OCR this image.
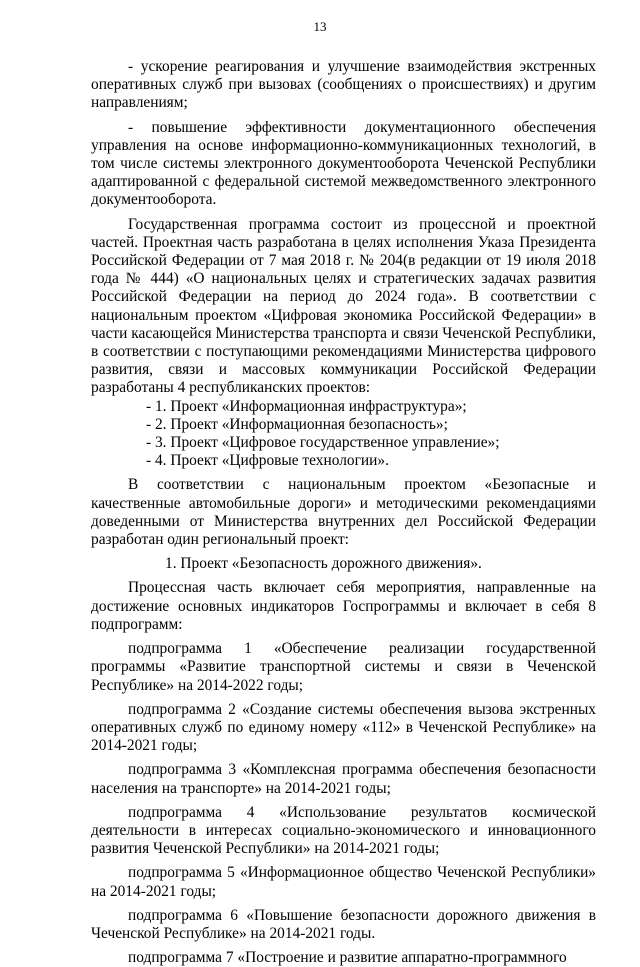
13

- ускорение реагирования и улучшение взаимодействия экстренных оперативных служб при вызовах (сообщениях о происшествиях) и другим направлениям;

- повышение эффективности документационного обеспечения управления на основе информационно-коммуникационных технологий, в том числе системы электронного документооборота Чеченской Республики адаптированной с федеральной системой межведомственного электронного документооборота.

Государственная программа состоит из процессной и проектной частей. Проектная часть разработана в целях исполнения Указа Президента Российской Федерации от 7 мая 2018 г. № 204(в редакции от 19 июля 2018 года № 444) «О национальных целях и стратегических задачах развития Российской Федерации на период до 2024 года». В соответствии с национальным проектом «Цифровая экономика Российской Федерации» в части касающейся Министерства транспорта и связи Чеченской Республики, в соответствии с поступающими рекомендациями Министерства цифрового развития, связи и массовых коммуникации Российской Федерации разработаны 4 республиканских проектов:

- 1. Проект «Информационная инфраструктура»;

- 2. Проект «Информационная безопасность»;

- 3. Проект «Цифровое государственное управление»;

- 4. Проект «Цифровые технологии».

В соответствии с национальным проектом «Безопасные и качественные автомобильные дороги» и методическими рекомендациями доведенными от Министерства внутренних дел Российской Федерации разработан один региональный проект:

1. Проект «Безопасность дорожного движения».

Процессная часть включает себя мероприятия, направленные на достижение основных индикаторов Госпрограммы и включает в себя 8 подпрограмм:

подпрограмма 1 «Обеспечение реализации государственной программы «Развитие транспортной системы и связи в Чеченской Республике» на 2014-2022 годы;

подпрограмма 2 «Создание системы обеспечения вызова экстренных оперативных служб по единому номеру «112» в Чеченской Республике» на 2014-2021 годы;

подпрограмма 3 «Комплексная программа обеспечения безопасности населения на транспорте» на 2014-2021 годы;

подпрограмма 4 «Использование результатов космической деятельности в интересах социально-экономического и инновационного развития Чеченской Республики» на 2014-2021 годы;

подпрограмма 5 «Информационное общество Чеченской Республики» на 2014-2021 годы;

подпрограмма 6 «Повышение безопасности дорожного движения в Чеченской Республике» на 2014-2021 годы.

подпрограмма 7 «Построение и развитие аппаратно-программного
